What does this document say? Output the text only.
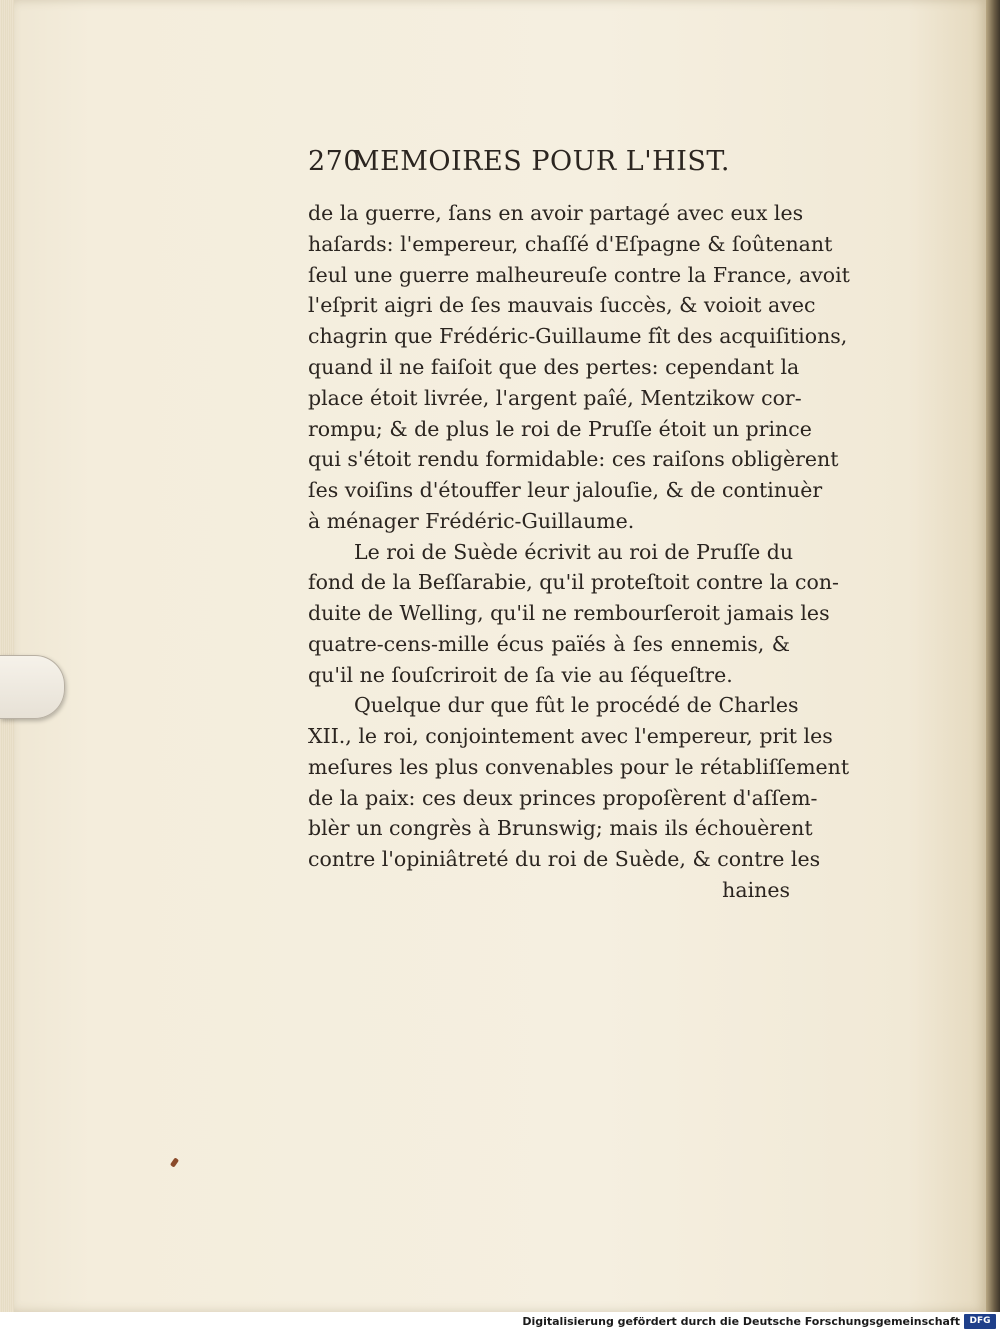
270
MEMOIRES POUR L'HIST.
de la guerre, ſans en avoir partagé avec eux les
haſards: l'empereur, chaſſé d'Eſpagne & ſoûtenant
ſeul une guerre malheureuſe contre la France, avoit
l'eſprit aigri de ſes mauvais ſuccès, & voioit avec
chagrin que Frédéric-Guillaume fît des acquiſitions,
quand il ne faiſoit que des pertes: cependant la
place étoit livrée, l'argent paîé, Mentzikow cor-
rompu; & de plus le roi de Pruſſe étoit un prince
qui s'étoit rendu formidable: ces raiſons obligèrent
ſes voiſins d'étouffer leur jalouſie, & de continuèr
à ménager Frédéric-Guillaume.
Le roi de Suède écrivit au roi de Pruſſe du
fond de la Beſſarabie, qu'il proteſtoit contre la con-
duite de Welling, qu'il ne rembourſeroit jamais les
quatre-cens-mille écus païés à ſes ennemis, &
qu'il ne ſouſcriroit de ſa vie au ſéqueſtre.
Quelque dur que fût le procédé de Charles
XII., le roi, conjointement avec l'empereur, prit les
meſures les plus convenables pour le rétabliſſement
de la paix: ces deux princes propoſèrent d'aſſem-
blèr un congrès à Brunswig; mais ils échouèrent
contre l'opiniâtreté du roi de Suède, & contre les
haines
Digitalisierung gefördert durch die Deutsche Forschungsgemeinschaft	DFG
